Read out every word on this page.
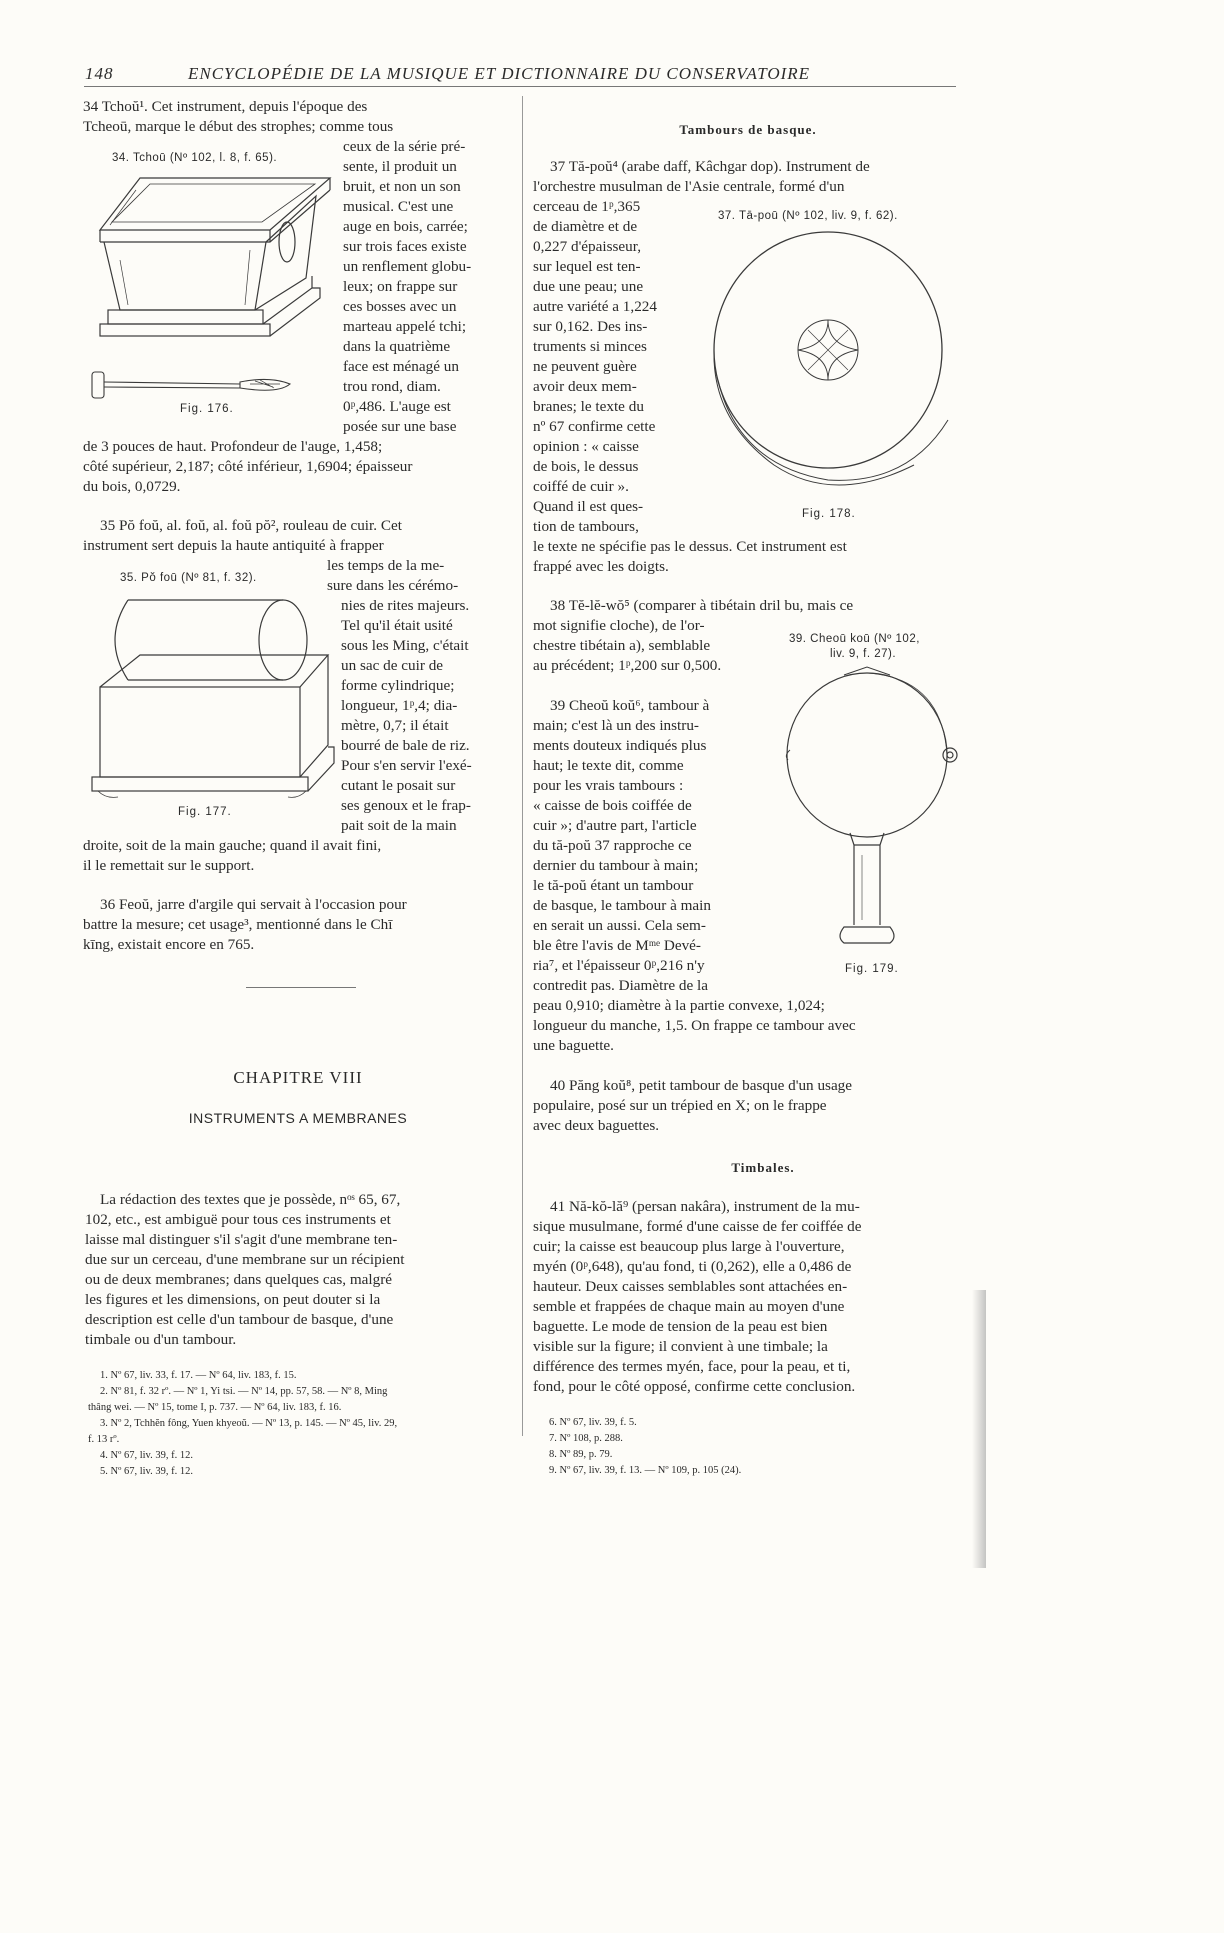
148	ENCYCLOPÉDIE DE LA MUSIQUE ET DICTIONNAIRE DU CONSERVATOIRE
34 Tchoŭ¹. Cet instrument, depuis l'époque des
Tcheoū, marque le début des strophes; comme tous
ceux de la série pré-
sente, il produit un
bruit, et non un son
musical. C'est une
auge en bois, carrée;
sur trois faces existe
un renflement globu-
leux; on frappe sur
ces bosses avec un
marteau appelé tchi;
dans la quatrième
face est ménagé un
trou rond, diam.
0ᵖ,486. L'auge est
posée sur une base
de 3 pouces de haut. Profondeur de l'auge, 1,458;
côté supérieur, 2,187; côté inférieur, 1,6904; épaisseur
du bois, 0,0729.
34. Tchoū (Nº 102, l. 8, f. 65).
Fig. 176.
35 Pŏ foŭ, al. foŭ, al. foŭ pŏ², rouleau de cuir. Cet
instrument sert depuis la haute antiquité à frapper
les temps de la me-
sure dans les cérémo-
nies de rites majeurs.
Tel qu'il était usité
sous les Ming, c'était
un sac de cuir de
forme cylindrique;
longueur, 1ᵖ,4; dia-
mètre, 0,7; il était
bourré de bale de riz.
Pour s'en servir l'exé-
cutant le posait sur
ses genoux et le frap-
pait soit de la main
droite, soit de la main gauche; quand il avait fini,
il le remettait sur le support.
35. Pŏ foū (Nº 81, f. 32).
Fig. 177.
36 Feoŭ, jarre d'argile qui servait à l'occasion pour
battre la mesure; cet usage³, mentionné dans le Chī
kīng, existait encore en 765.
CHAPITRE VIII
INSTRUMENTS A MEMBRANES
La rédaction des textes que je possède, nᵒˢ 65, 67,
102, etc., est ambiguë pour tous ces instruments et
laisse mal distinguer s'il s'agit d'une membrane ten-
due sur un cerceau, d'une membrane sur un récipient
ou de deux membranes; dans quelques cas, malgré
les figures et les dimensions, on peut douter si la
description est celle d'un tambour de basque, d'une
timbale ou d'un tambour.
1. Nº 67, liv. 33, f. 17. — Nº 64, liv. 183, f. 15.
2. Nº 81, f. 32 rº. — Nº 1, Yi tsi. — Nº 14, pp. 57, 58. — Nº 8, Ming
thâng wei. — Nº 15, tome I, p. 737. — Nº 64, liv. 183, f. 16.
3. Nº 2, Tchhĕn fông, Yuen khyeoŭ. — Nº 13, p. 145. — Nº 45, liv. 29,
f. 13 rº.
4. Nº 67, liv. 39, f. 12.
5. Nº 67, liv. 39, f. 12.
Tambours de basque.
37 Tă-poŭ⁴ (arabe daff, Kâchgar dop). Instrument de
l'orchestre musulman de l'Asie centrale, formé d'un
cerceau de 1ᵖ,365
de diamètre et de
0,227 d'épaisseur,
sur lequel est ten-
due une peau; une
autre variété a 1,224
sur 0,162. Des ins-
truments si minces
ne peuvent guère
avoir deux mem-
branes; le texte du
nº 67 confirme cette
opinion : « caisse
de bois, le dessus
coiffé de cuir ».
Quand il est ques-
tion de tambours,
le texte ne spécifie pas le dessus. Cet instrument est
frappé avec les doigts.
37. Tā-poū (Nº 102, liv. 9, f. 62).
Fig. 178.
38 Tĕ-lĕ-wŏ⁵ (comparer à tibétain dril bu, mais ce
mot signifie cloche), de l'or-
chestre tibétain a), semblable
au précédent; 1ᵖ,200 sur 0,500.
39. Cheoū koū (Nº 102,
liv. 9, f. 27).
39 Cheoŭ koŭ⁶, tambour à
main; c'est là un des instru-
ments douteux indiqués plus
haut; le texte dit, comme
pour les vrais tambours :
« caisse de bois coiffée de
cuir »; d'autre part, l'article
du tă-poŭ 37 rapproche ce
dernier du tambour à main;
le tă-poŭ étant un tambour
de basque, le tambour à main
en serait un aussi. Cela sem-
ble être l'avis de Mᵐᵉ Devé-
ria⁷, et l'épaisseur 0ᵖ,216 n'y
contredit pas. Diamètre de la
peau 0,910; diamètre à la partie convexe, 1,024;
longueur du manche, 1,5. On frappe ce tambour avec
une baguette.
Fig. 179.
40 Păng koŭ⁸, petit tambour de basque d'un usage
populaire, posé sur un trépied en X; on le frappe
avec deux baguettes.
Timbales.
41 Nă-kŏ-lă⁹ (persan nakâra), instrument de la mu-
sique musulmane, formé d'une caisse de fer coiffée de
cuir; la caisse est beaucoup plus large à l'ouverture,
myén (0ᵖ,648), qu'au fond, ti (0,262), elle a 0,486 de
hauteur. Deux caisses semblables sont attachées en-
semble et frappées de chaque main au moyen d'une
baguette. Le mode de tension de la peau est bien
visible sur la figure; il convient à une timbale; la
différence des termes myén, face, pour la peau, et ti,
fond, pour le côté opposé, confirme cette conclusion.
6. Nº 67, liv. 39, f. 5.
7. Nº 108, p. 288.
8. Nº 89, p. 79.
9. Nº 67, liv. 39, f. 13. — Nº 109, p. 105 (24).
